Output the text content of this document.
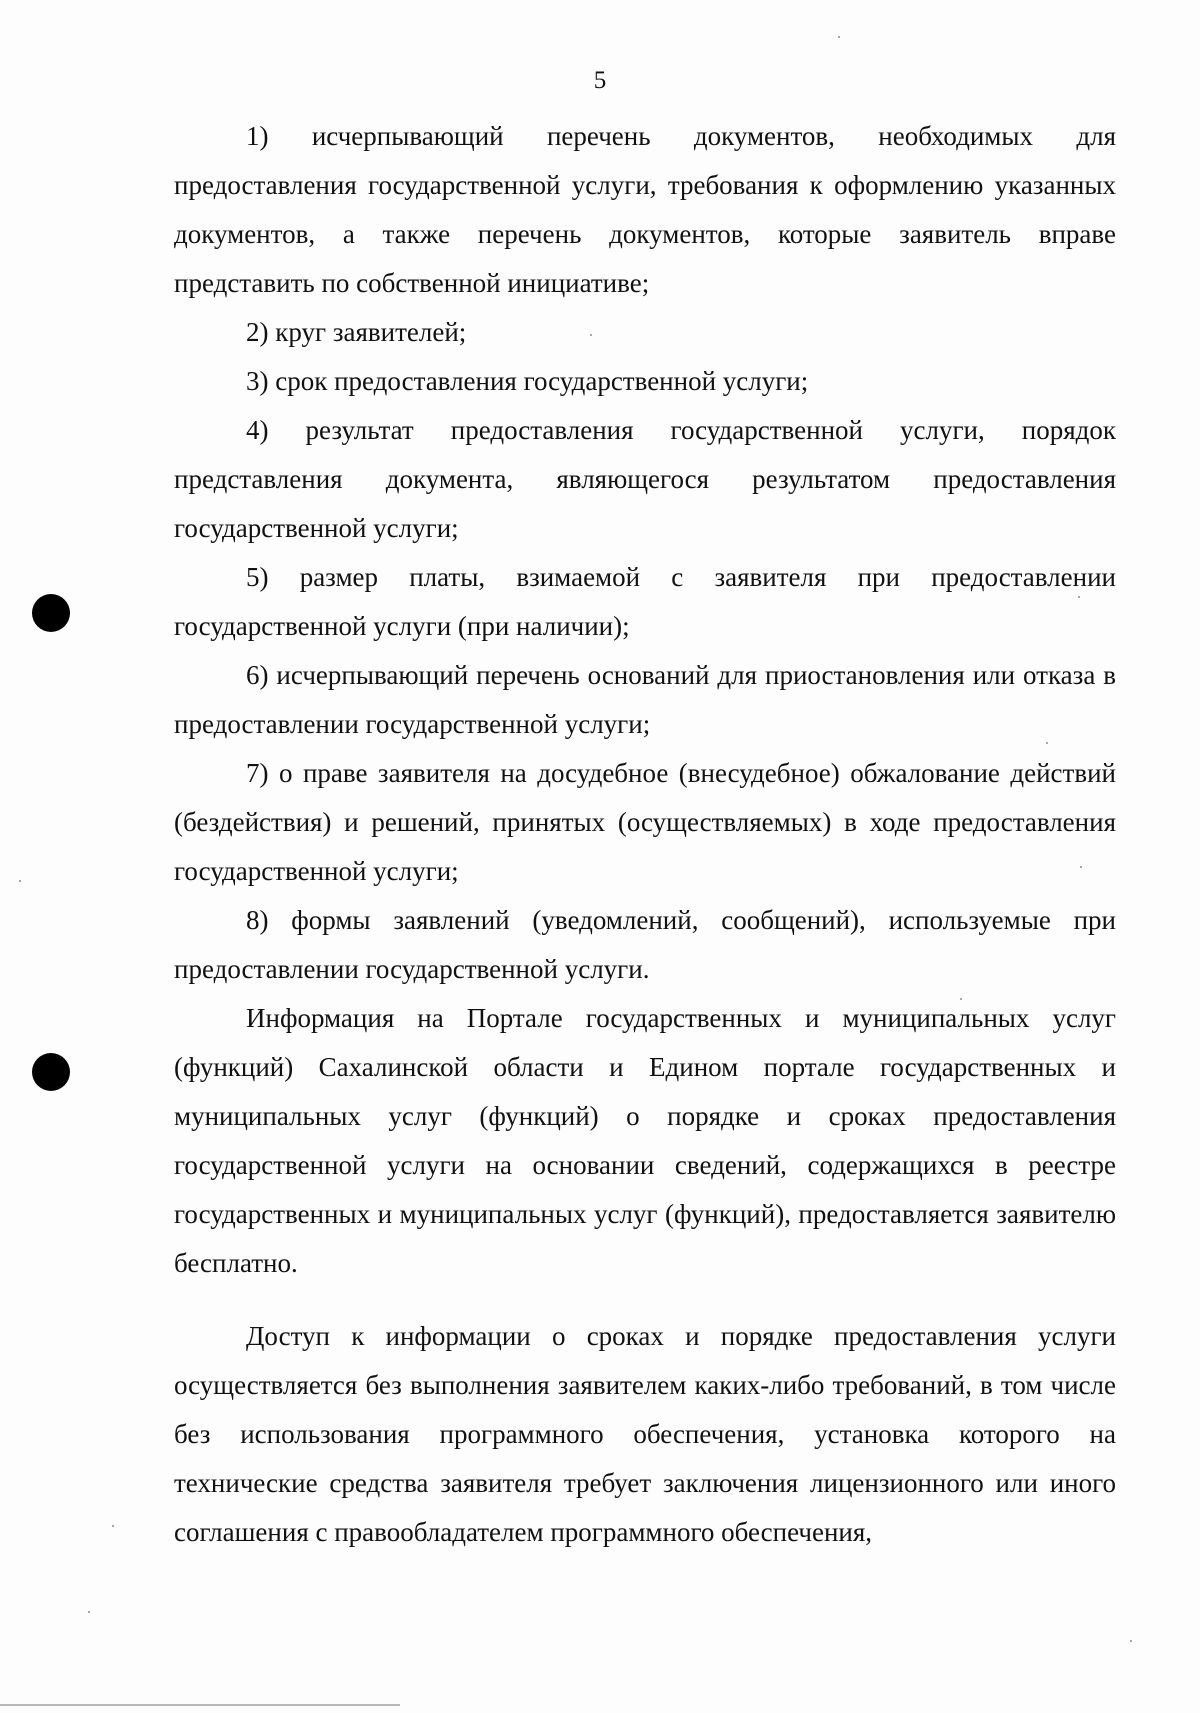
5

1) исчерпывающий перечень документов, необходимых для предоставления государственной услуги, требования к оформлению указанных документов, а также перечень документов, которые заявитель вправе представить по собственной инициативе;

2) круг заявителей;

3) срок предоставления государственной услуги;

4) результат предоставления государственной услуги, порядок представления документа, являющегося результатом предоставления государственной услуги;

5) размер платы, взимаемой с заявителя при предоставлении государственной услуги (при наличии);

6) исчерпывающий перечень оснований для приостановления или отказа в предоставлении государственной услуги;

7) о праве заявителя на досудебное (внесудебное) обжалование действий (бездействия) и решений, принятых (осуществляемых) в ходе предоставления государственной услуги;

8) формы заявлений (уведомлений, сообщений), используемые при предоставлении государственной услуги.

Информация на Портале государственных и муниципальных услуг (функций) Сахалинской области и Едином портале государственных и муниципальных услуг (функций) о порядке и сроках предоставления государственной услуги на основании сведений, содержащихся в реестре государственных и муниципальных услуг (функций), предоставляется заявителю бесплатно.

Доступ к информации о сроках и порядке предоставления услуги осуществляется без выполнения заявителем каких-либо требований, в том числе без использования программного обеспечения, установка которого на технические средства заявителя требует заключения лицензионного или иного соглашения с правообладателем программного обеспечения,
